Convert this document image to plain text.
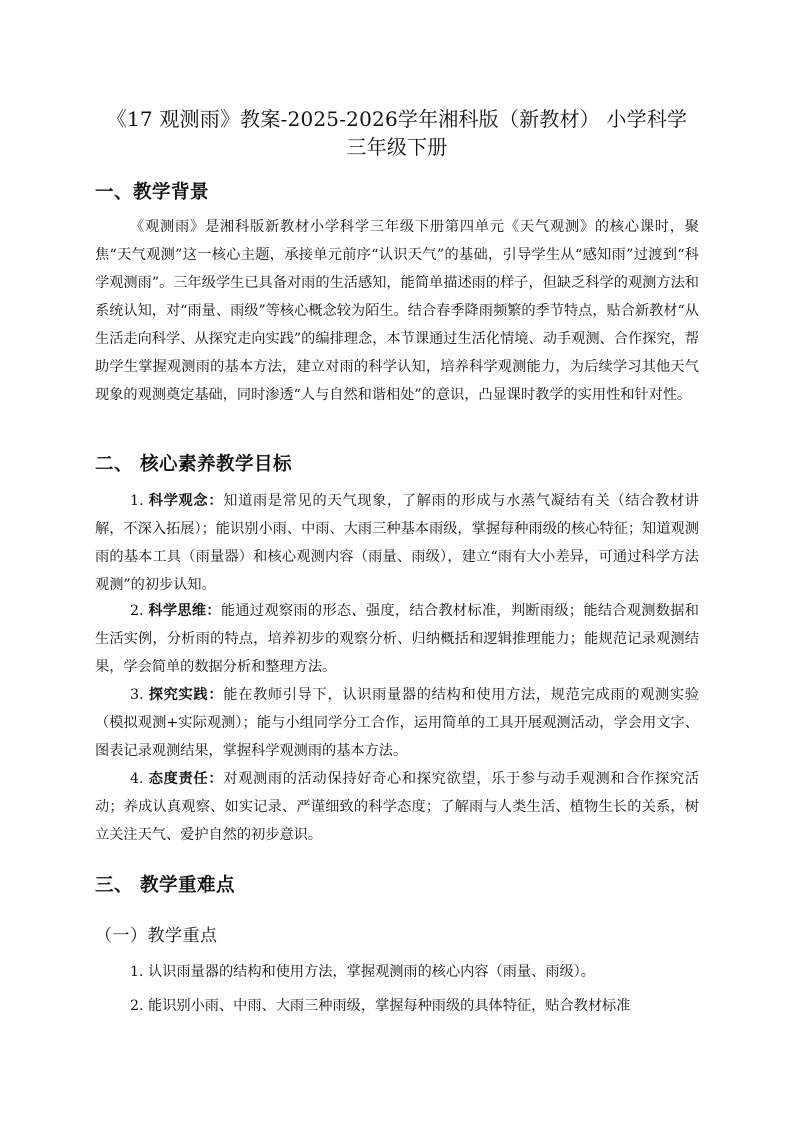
《17 观测雨》教案-2025-2026学年湘科版（新教材） 小学科学
三年级下册
一、教学背景

《观测雨》是湘科版新教材小学科学三年级下册第四单元《天气观测》的核心课时，聚焦“天气观测”这一核心主题，承接单元前序“认识天气”的基础，引导学生从“感知雨”过渡到“科学观测雨”。三年级学生已具备对雨的生活感知，能简单描述雨的样子，但缺乏科学的观测方法和系统认知，对“雨量、雨级”等核心概念较为陌生。结合春季降雨频繁的季节特点，贴合新教材“从生活走向科学、从探究走向实践”的编排理念，本节课通过生活化情境、动手观测、合作探究，帮助学生掌握观测雨的基本方法，建立对雨的科学认知，培养科学观测能力，为后续学习其他天气现象的观测奠定基础，同时渗透“人与自然和谐相处”的意识，凸显课时教学的实用性和针对性。

二、 核心素养教学目标

1. 科学观念：知道雨是常见的天气现象，了解雨的形成与水蒸气凝结有关（结合教材讲解，不深入拓展）；能识别小雨、中雨、大雨三种基本雨级，掌握每种雨级的核心特征；知道观测雨的基本工具（雨量器）和核心观测内容（雨量、雨级），建立“雨有大小差异，可通过科学方法观测”的初步认知。

2. 科学思维：能通过观察雨的形态、强度，结合教材标准，判断雨级；能结合观测数据和生活实例，分析雨的特点，培养初步的观察分析、归纳概括和逻辑推理能力；能规范记录观测结果，学会简单的数据分析和整理方法。

3. 探究实践：能在教师引导下，认识雨量器的结构和使用方法，规范完成雨的观测实验（模拟观测+实际观测）；能与小组同学分工合作，运用简单的工具开展观测活动，学会用文字、图表记录观测结果，掌握科学观测雨的基本方法。

4. 态度责任：对观测雨的活动保持好奇心和探究欲望，乐于参与动手观测和合作探究活动；养成认真观察、如实记录、严谨细致的科学态度；了解雨与人类生活、植物生长的关系，树立关注天气、爱护自然的初步意识。

三、 教学重难点
（一）教学重点

1. 认识雨量器的结构和使用方法，掌握观测雨的核心内容（雨量、雨级）。

2. 能识别小雨、中雨、大雨三种雨级，掌握每种雨级的具体特征，贴合教材标准
